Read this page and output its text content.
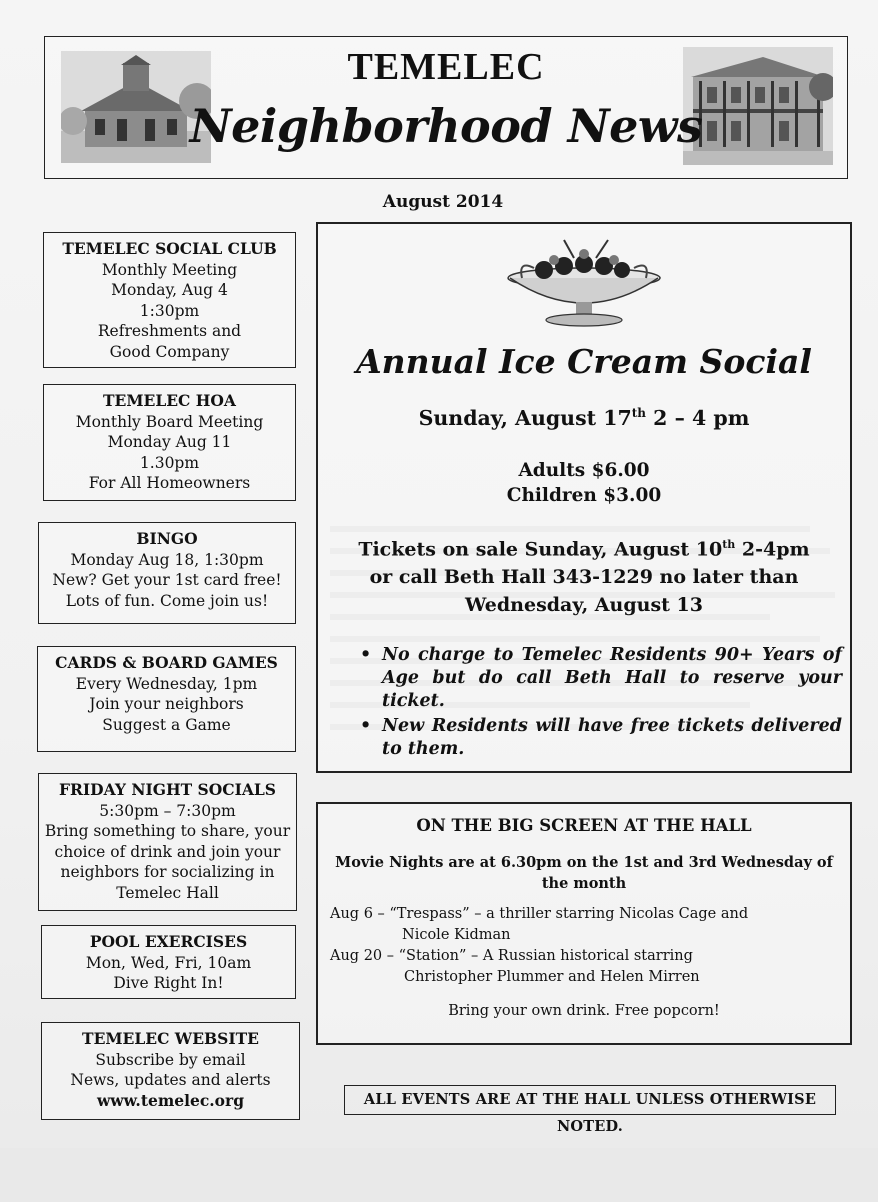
TEMELEC
Neighborhood News
August 2014
TEMELEC SOCIAL CLUB
Monthly Meeting
Monday, Aug 4
1:30pm
Refreshments and
Good Company
TEMELEC HOA
Monthly Board Meeting
Monday Aug 11
1.30pm
For All Homeowners
BINGO
Monday Aug 18, 1:30pm
New? Get your 1st card free!
Lots of fun. Come join us!
CARDS & BOARD GAMES
Every Wednesday, 1pm
Join your neighbors
Suggest a Game
FRIDAY NIGHT SOCIALS
5:30pm – 7:30pm
Bring something to share, your
choice of drink and join your
neighbors for socializing in
Temelec Hall
POOL EXERCISES
Mon, Wed, Fri, 10am
Dive Right In!
TEMELEC WEBSITE
Subscribe by email
News, updates and alerts
www.temelec.org
Annual Ice Cream Social
Sunday, August 17th 2 – 4 pm
Adults $6.00
Children $3.00
Tickets on sale Sunday, August 10th 2-4pm
or call Beth Hall 343-1229 no later than
Wednesday, August 13
• No charge to Temelec Residents 90+ Years of Age but do call Beth Hall to reserve your ticket.
• New Residents will have free tickets delivered to them.
ON THE BIG SCREEN AT THE HALL
Movie Nights are at 6.30pm on the 1st and 3rd Wednesday of
the month
Aug 6 – “Trespass” – a thriller starring Nicolas Cage and
Nicole Kidman
Aug 20 – “Station” – A Russian historical starring
Christopher Plummer and Helen Mirren
Bring your own drink. Free popcorn!
ALL EVENTS ARE AT THE HALL UNLESS OTHERWISE NOTED.
